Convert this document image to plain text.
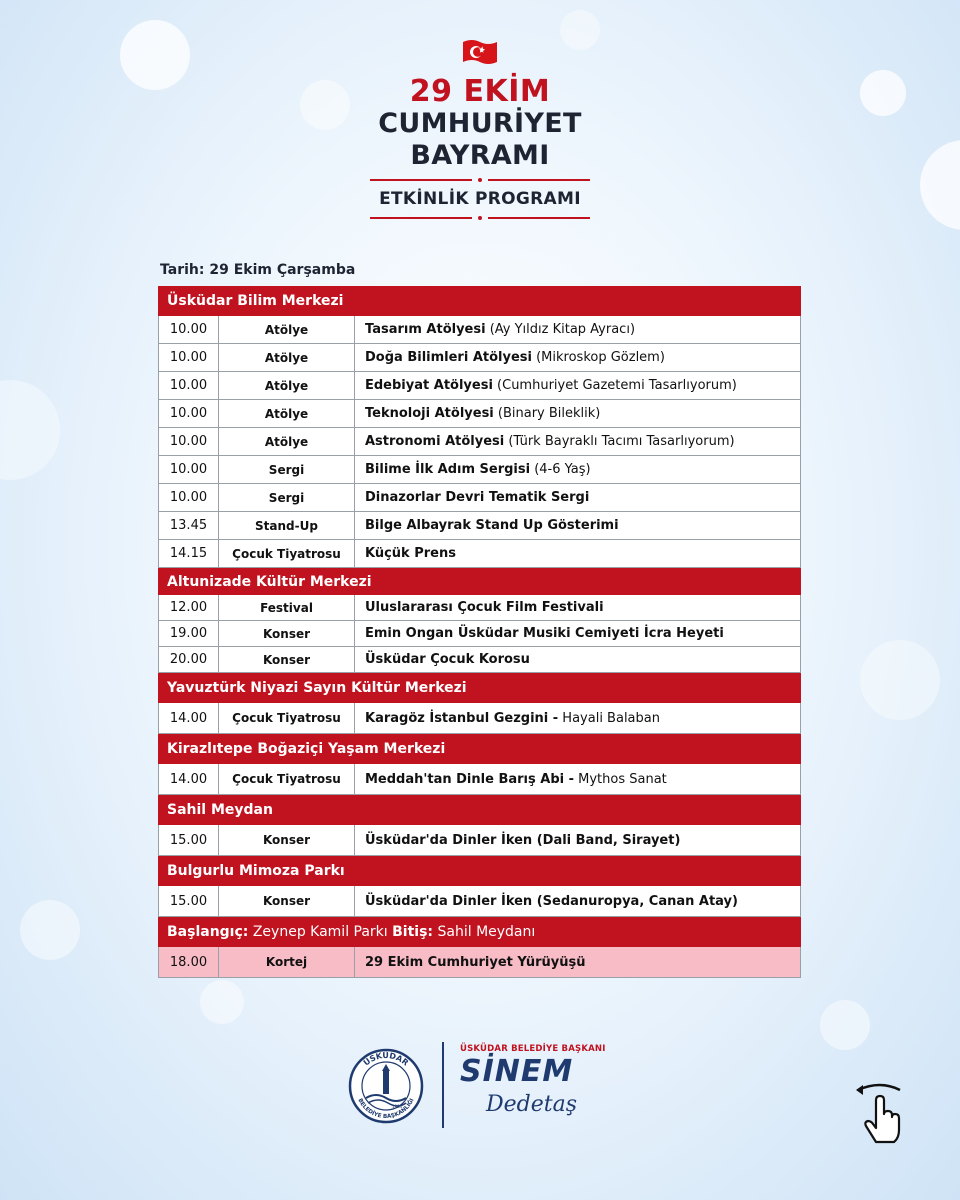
29 EKİM
CUMHURİYET
BAYRAMI
ETKİNLİK PROGRAMI
Tarih: 29 Ekim Çarşamba
Üsküdar Bilim Merkezi
10.00	Atölye	Tasarım Atölyesi (Ay Yıldız Kitap Ayracı)
10.00	Atölye	Doğa Bilimleri Atölyesi (Mikroskop Gözlem)
10.00	Atölye	Edebiyat Atölyesi (Cumhuriyet Gazetemi Tasarlıyorum)
10.00	Atölye	Teknoloji Atölyesi (Binary Bileklik)
10.00	Atölye	Astronomi Atölyesi (Türk Bayraklı Tacımı Tasarlıyorum)
10.00	Sergi	Bilime İlk Adım Sergisi (4-6 Yaş)
10.00	Sergi	Dinazorlar Devri Tematik Sergi
13.45	Stand-Up	Bilge Albayrak Stand Up Gösterimi
14.15	Çocuk Tiyatrosu	Küçük Prens
Altunizade Kültür Merkezi
12.00	Festival	Uluslararası Çocuk Film Festivali
19.00	Konser	Emin Ongan Üsküdar Musiki Cemiyeti İcra Heyeti
20.00	Konser	Üsküdar Çocuk Korosu
Yavuztürk Niyazi Sayın Kültür Merkezi
14.00	Çocuk Tiyatrosu	Karagöz İstanbul Gezgini - Hayali Balaban
Kirazlıtepe Boğaziçi Yaşam Merkezi
14.00	Çocuk Tiyatrosu	Meddah'tan Dinle Barış Abi - Mythos Sanat
Sahil Meydan
15.00	Konser	Üsküdar'da Dinler İken (Dali Band, Sirayet)
Bulgurlu Mimoza Parkı
15.00	Konser	Üsküdar'da Dinler İken (Sedanuropya, Canan Atay)
Başlangıç: Zeynep Kamil Parkı Bitiş: Sahil Meydanı
18.00	Kortej	29 Ekim Cumhuriyet Yürüyüşü
ÜSKÜDAR
BELEDİYE BAŞKANLIĞI
1984
ÜSKÜDAR BELEDİYE BAŞKANI
SİNEM
Dedetaş
